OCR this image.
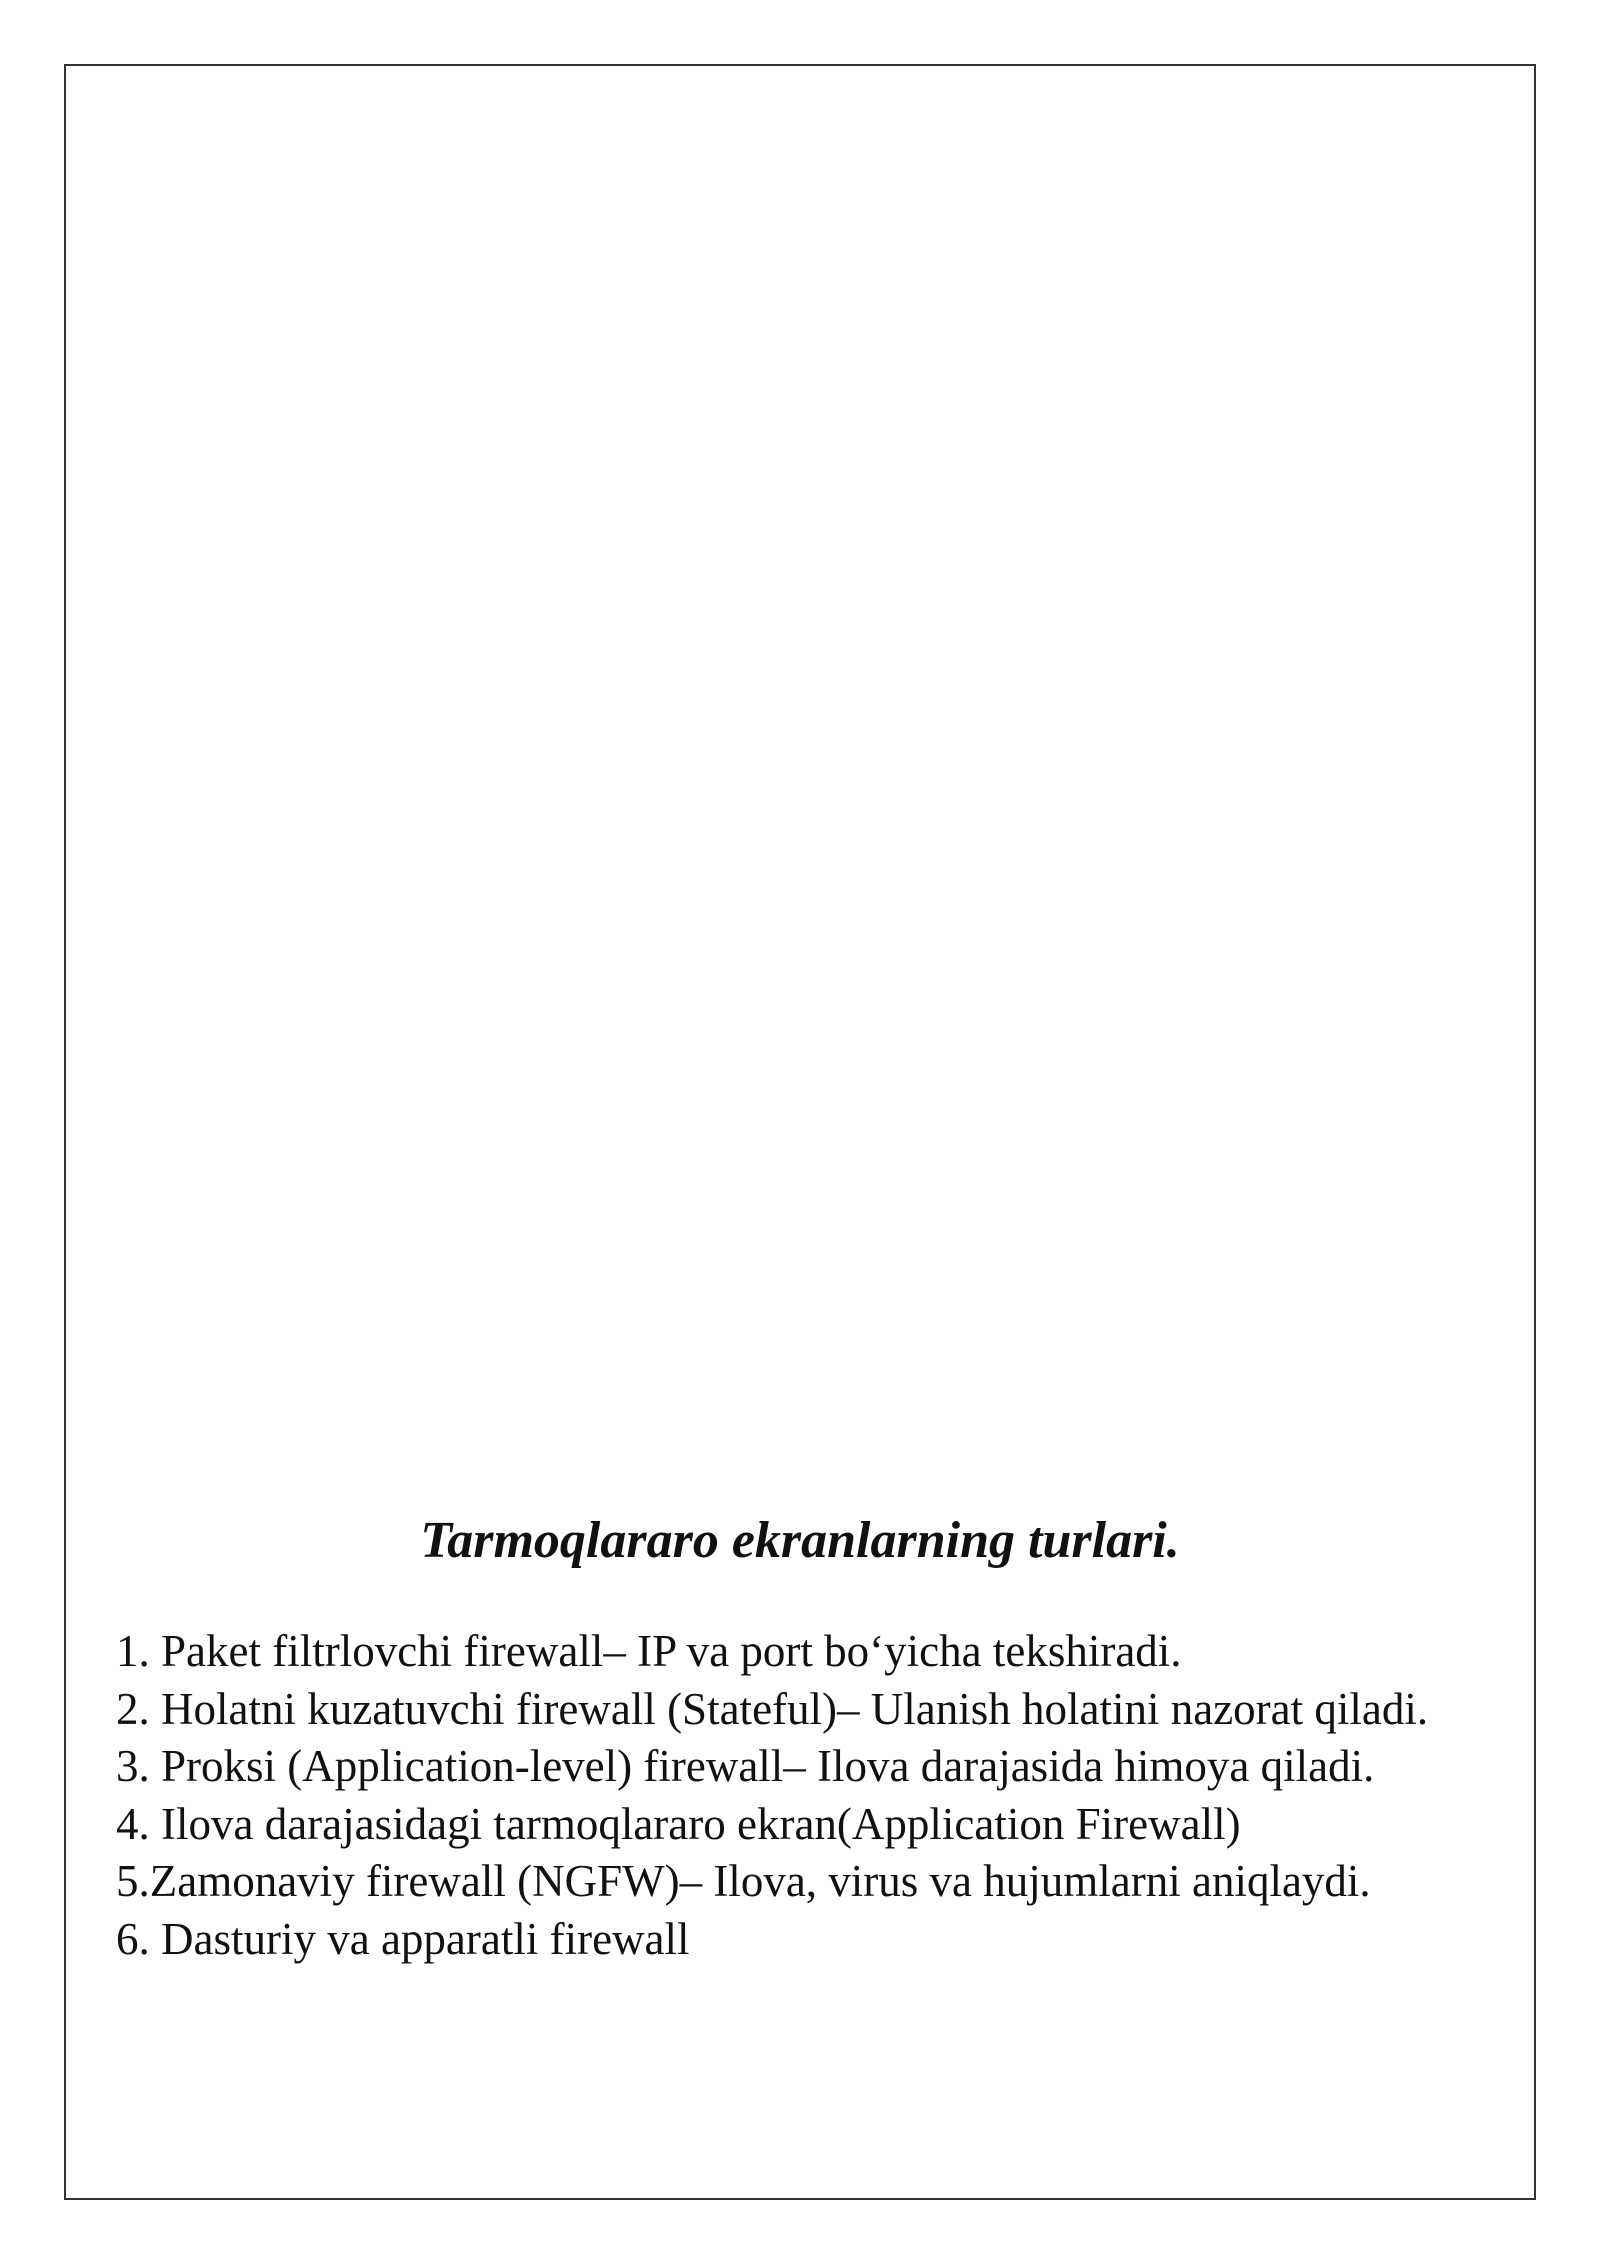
Tarmoqlararo ekranlarning turlari.
1. Paket filtrlovchi firewall– IP va port bo‘yicha tekshiradi.
2. Holatni kuzatuvchi firewall (Stateful)– Ulanish holatini nazorat qiladi.
3. Proksi (Application-level) firewall– Ilova darajasida himoya qiladi.
4. Ilova darajasidagi tarmoqlararo ekran(Application Firewall)
5.Zamonaviy firewall (NGFW)– Ilova, virus va hujumlarni aniqlaydi.
6. Dasturiy va apparatli firewall
